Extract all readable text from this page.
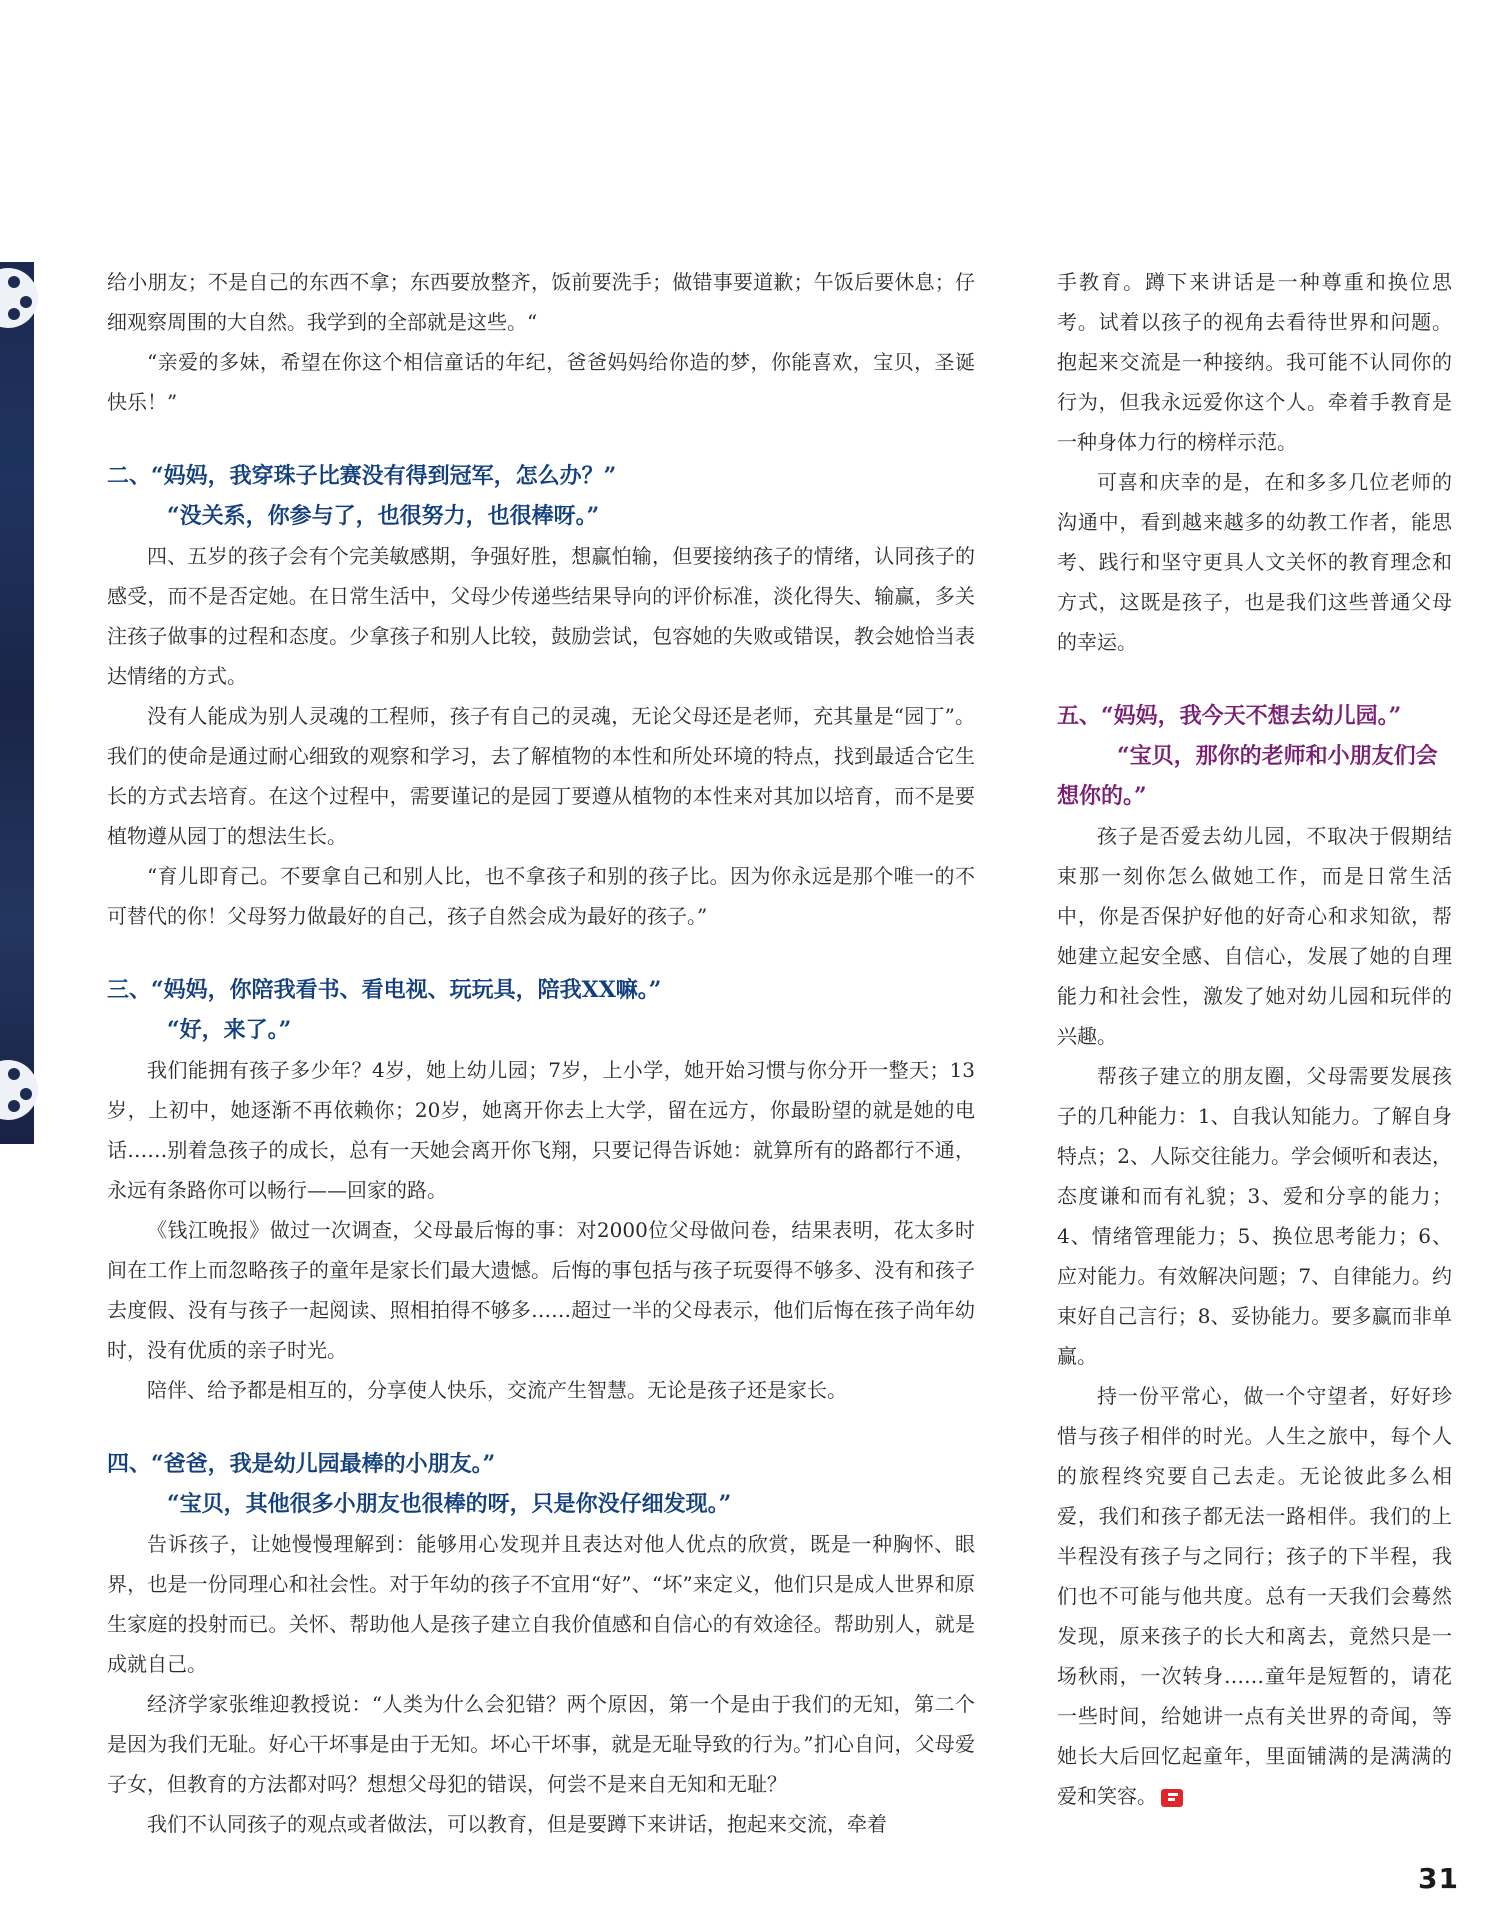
给小朋友；不是自己的东西不拿；东西要放整齐，饭前要洗手；做错事要道歉；午饭后要休息；仔细观察周围的大自然。我学到的全部就是这些。“

“亲爱的多妹，希望在你这个相信童话的年纪，爸爸妈妈给你造的梦，你能喜欢，宝贝，圣诞快乐！”

二、“妈妈，我穿珠子比赛没有得到冠军，怎么办？”
“没关系，你参与了，也很努力，也很棒呀。”

四、五岁的孩子会有个完美敏感期，争强好胜，想赢怕输，但要接纳孩子的情绪，认同孩子的感受，而不是否定她。在日常生活中，父母少传递些结果导向的评价标准，淡化得失、输赢，多关注孩子做事的过程和态度。少拿孩子和别人比较，鼓励尝试，包容她的失败或错误，教会她恰当表达情绪的方式。

没有人能成为别人灵魂的工程师，孩子有自己的灵魂，无论父母还是老师，充其量是“园丁”。我们的使命是通过耐心细致的观察和学习，去了解植物的本性和所处环境的特点，找到最适合它生长的方式去培育。在这个过程中，需要谨记的是园丁要遵从植物的本性来对其加以培育，而不是要植物遵从园丁的想法生长。

“育儿即育己。不要拿自己和别人比，也不拿孩子和别的孩子比。因为你永远是那个唯一的不可替代的你！父母努力做最好的自己，孩子自然会成为最好的孩子。”

三、“妈妈，你陪我看书、看电视、玩玩具，陪我XX嘛。”
“好，来了。”

我们能拥有孩子多少年？4岁，她上幼儿园；7岁，上小学，她开始习惯与你分开一整天；13岁，上初中，她逐渐不再依赖你；20岁，她离开你去上大学，留在远方，你最盼望的就是她的电话……别着急孩子的成长，总有一天她会离开你飞翔，只要记得告诉她：就算所有的路都行不通，永远有条路你可以畅行——回家的路。

《钱江晚报》做过一次调查，父母最后悔的事：对2000位父母做问卷，结果表明，花太多时间在工作上而忽略孩子的童年是家长们最大遗憾。后悔的事包括与孩子玩耍得不够多、没有和孩子去度假、没有与孩子一起阅读、照相拍得不够多……超过一半的父母表示，他们后悔在孩子尚年幼时，没有优质的亲子时光。

陪伴、给予都是相互的，分享使人快乐，交流产生智慧。无论是孩子还是家长。

四、“爸爸，我是幼儿园最棒的小朋友。”
“宝贝，其他很多小朋友也很棒的呀，只是你没仔细发现。”

告诉孩子，让她慢慢理解到：能够用心发现并且表达对他人优点的欣赏，既是一种胸怀、眼界，也是一份同理心和社会性。对于年幼的孩子不宜用“好”、“坏”来定义，他们只是成人世界和原生家庭的投射而已。关怀、帮助他人是孩子建立自我价值感和自信心的有效途径。帮助别人，就是成就自己。

经济学家张维迎教授说：“人类为什么会犯错？两个原因，第一个是由于我们的无知，第二个是因为我们无耻。好心干坏事是由于无知。坏心干坏事，就是无耻导致的行为。”扪心自问，父母爱子女，但教育的方法都对吗？想想父母犯的错误，何尝不是来自无知和无耻？

我们不认同孩子的观点或者做法，可以教育，但是要蹲下来讲话，抱起来交流，牵着

手教育。蹲下来讲话是一种尊重和换位思考。试着以孩子的视角去看待世界和问题。抱起来交流是一种接纳。我可能不认同你的行为，但我永远爱你这个人。牵着手教育是一种身体力行的榜样示范。

可喜和庆幸的是，在和多多几位老师的沟通中，看到越来越多的幼教工作者，能思考、践行和坚守更具人文关怀的教育理念和方式，这既是孩子，也是我们这些普通父母的幸运。

五、“妈妈，我今天不想去幼儿园。”
“宝贝，那你的老师和小朋友们会想你的。”

孩子是否爱去幼儿园，不取决于假期结束那一刻你怎么做她工作，而是日常生活中，你是否保护好他的好奇心和求知欲，帮她建立起安全感、自信心，发展了她的自理能力和社会性，激发了她对幼儿园和玩伴的兴趣。

帮孩子建立的朋友圈，父母需要发展孩子的几种能力：1、自我认知能力。了解自身特点；2、人际交往能力。学会倾听和表达，态度谦和而有礼貌；3、爱和分享的能力；4、情绪管理能力；5、换位思考能力；6、应对能力。有效解决问题；7、自律能力。约束好自己言行；8、妥协能力。要多赢而非单赢。

持一份平常心，做一个守望者，好好珍惜与孩子相伴的时光。人生之旅中，每个人的旅程终究要自己去走。无论彼此多么相爱，我们和孩子都无法一路相伴。我们的上半程没有孩子与之同行；孩子的下半程，我们也不可能与他共度。总有一天我们会蓦然发现，原来孩子的长大和离去，竟然只是一场秋雨，一次转身……童年是短暂的，请花一些时间，给她讲一点有关世界的奇闻，等她长大后回忆起童年，里面铺满的是满满的爱和笑容。

31
